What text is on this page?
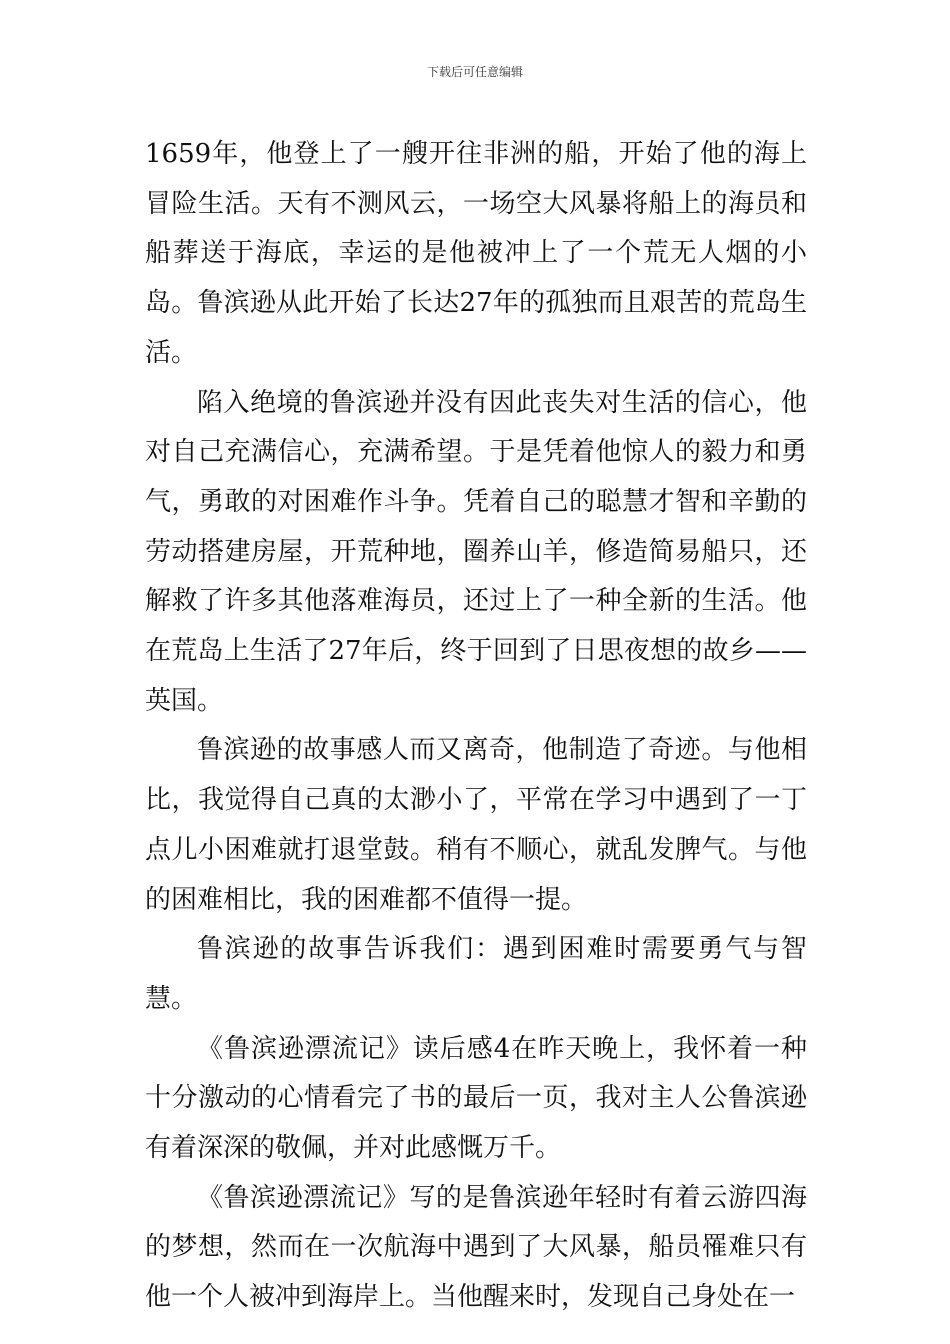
下载后可任意编辑

1659年，他登上了一艘开往非洲的船，开始了他的海上冒险生活。天有不测风云，一场空大风暴将船上的海员和船葬送于海底，幸运的是他被冲上了一个荒无人烟的小岛。鲁滨逊从此开始了长达27年的孤独而且艰苦的荒岛生活。

陷入绝境的鲁滨逊并没有因此丧失对生活的信心，他对自己充满信心，充满希望。于是凭着他惊人的毅力和勇气，勇敢的对困难作斗争。凭着自己的聪慧才智和辛勤的劳动搭建房屋，开荒种地，圈养山羊，修造简易船只，还解救了许多其他落难海员，还过上了一种全新的生活。他在荒岛上生活了27年后，终于回到了日思夜想的故乡——英国。

鲁滨逊的故事感人而又离奇，他制造了奇迹。与他相比，我觉得自己真的太渺小了，平常在学习中遇到了一丁点儿小困难就打退堂鼓。稍有不顺心，就乱发脾气。与他的困难相比，我的困难都不值得一提。

鲁滨逊的故事告诉我们：遇到困难时需要勇气与智慧。

《鲁滨逊漂流记》读后感4在昨天晚上，我怀着一种十分激动的心情看完了书的最后一页，我对主人公鲁滨逊有着深深的敬佩，并对此感慨万千。

《鲁滨逊漂流记》写的是鲁滨逊年轻时有着云游四海的梦想，然而在一次航海中遇到了大风暴，船员罹难只有他一个人被冲到海岸上。当他醒来时，发现自己身处在一
